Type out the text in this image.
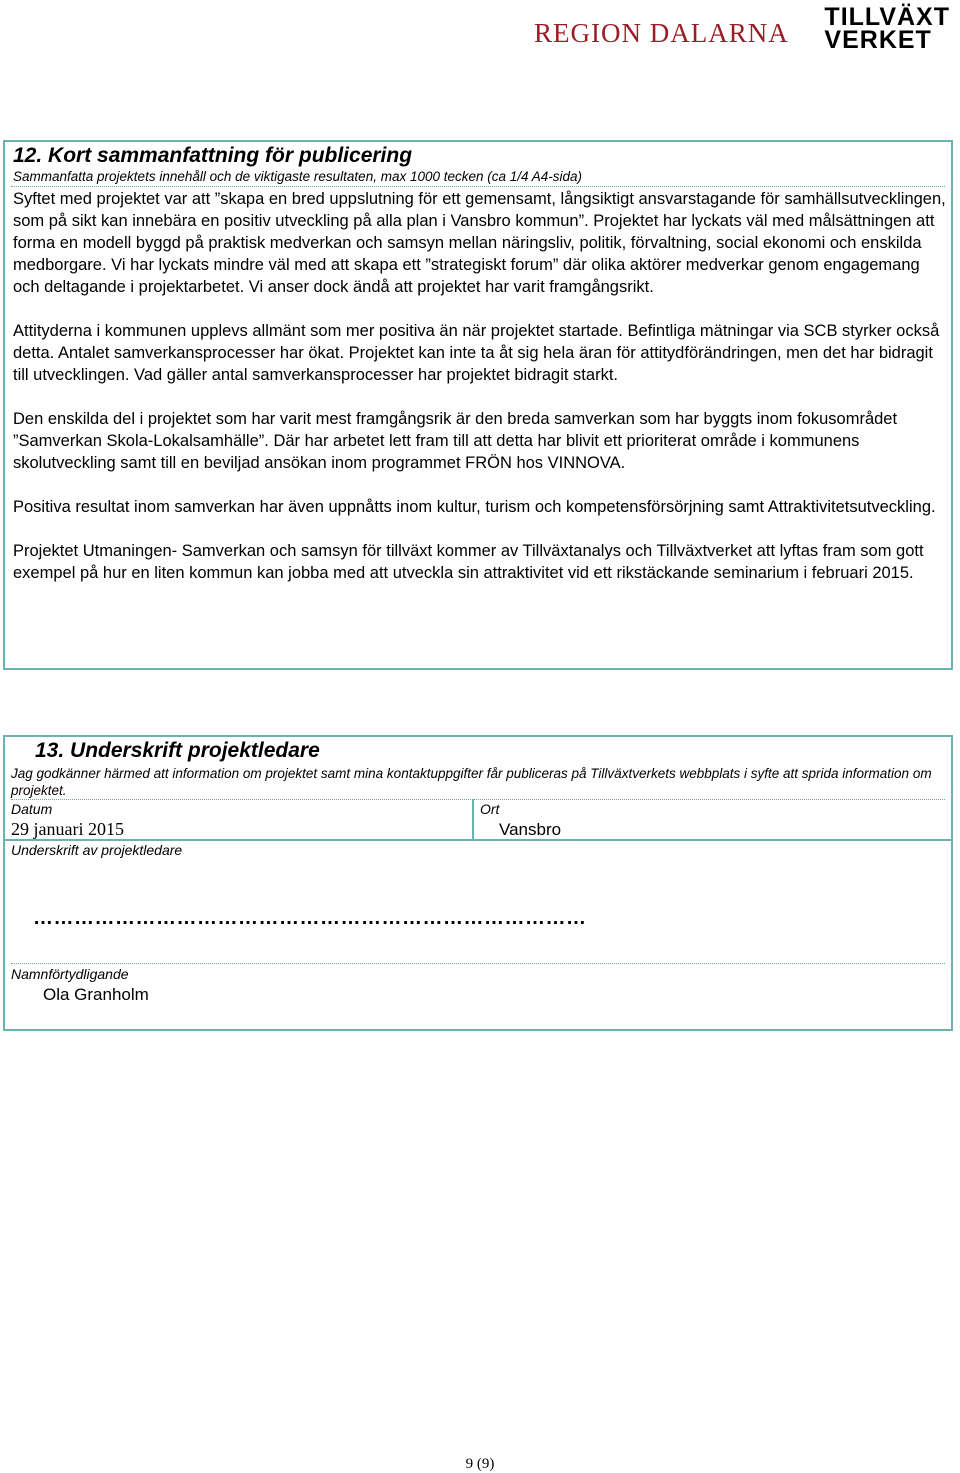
REGION DALARNA
TILLVÄXT
VERKET
12. Kort sammanfattning för publicering
Sammanfatta projektets innehåll och de viktigaste resultaten, max 1000 tecken (ca 1/4 A4-sida)

Syftet med projektet var att ”skapa en bred uppslutning för ett gemensamt, långsiktigt ansvarstagande för samhällsutvecklingen, som på sikt kan innebära en positiv utveckling på alla plan i Vansbro kommun”. Projektet har lyckats väl med målsättningen att forma en modell byggd på praktisk medverkan och samsyn mellan näringsliv, politik, förvaltning, social ekonomi och enskilda medborgare. Vi har lyckats mindre väl med att skapa ett ”strategiskt forum” där olika aktörer medverkar genom engagemang och deltagande i projektarbetet. Vi anser dock ändå att projektet har varit framgångsrikt.

Attityderna i kommunen upplevs allmänt som mer positiva än när projektet startade. Befintliga mätningar via SCB styrker också detta. Antalet samverkansprocesser har ökat. Projektet kan inte ta åt sig hela äran för attitydförändringen, men det har bidragit till utvecklingen. Vad gäller antal samverkansprocesser har projektet bidragit starkt.

Den enskilda del i projektet som har varit mest framgångsrik är den breda samverkan som har byggts inom fokusområdet ”Samverkan Skola-Lokalsamhälle”. Där har arbetet lett fram till att detta har blivit ett prioriterat område i kommunens skolutveckling samt till en beviljad ansökan inom programmet FRÖN hos VINNOVA.

Positiva resultat inom samverkan har även uppnåtts inom kultur, turism och kompetensförsörjning samt Attraktivitetsutveckling.

Projektet Utmaningen- Samverkan och samsyn för tillväxt kommer av Tillväxtanalys och Tillväxtverket att lyftas fram som gott exempel på hur en liten kommun kan jobba med att utveckla sin attraktivitet vid ett rikstäckande seminarium i februari 2015.

13. Underskrift projektledare
Jag godkänner härmed att information om projektet samt mina kontaktuppgifter får publiceras på Tillväxtverkets webbplats i syfte att sprida information om projektet.
Datum
29 januari 2015
Ort
Vansbro
Underskrift av projektledare
………………………………………………………………………
Namnförtydligande
Ola Granholm
9 (9)
